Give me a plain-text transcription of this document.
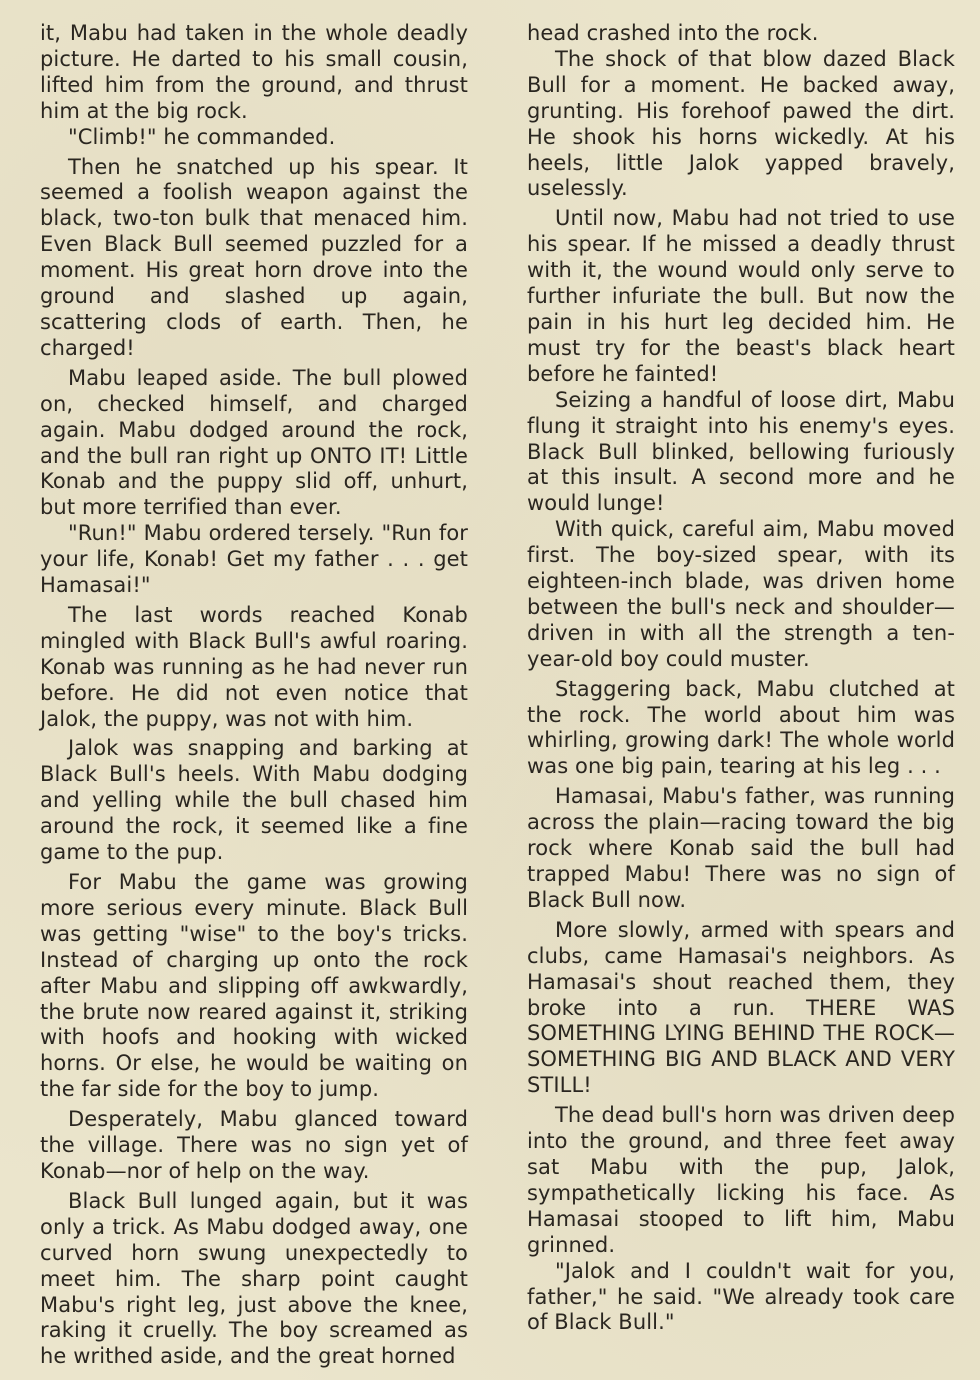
it, Mabu had taken in the whole deadly picture. He darted to his small cousin, lifted him from the ground, and thrust him at the big rock.

"Climb!" he commanded.

Then he snatched up his spear. It seemed a foolish weapon against the black, two-ton bulk that menaced him. Even Black Bull seemed puzzled for a moment. His great horn drove into the ground and slashed up again, scattering clods of earth. Then, he charged!

Mabu leaped aside. The bull plowed on, checked himself, and charged again. Mabu dodged around the rock, and the bull ran right up ONTO IT! Little Konab and the puppy slid off, unhurt, but more terrified than ever.

"Run!" Mabu ordered tersely. "Run for your life, Konab! Get my father . . . get Hamasai!"

The last words reached Konab mingled with Black Bull's awful roaring. Konab was running as he had never run before. He did not even notice that Jalok, the puppy, was not with him.

Jalok was snapping and barking at Black Bull's heels. With Mabu dodging and yelling while the bull chased him around the rock, it seemed like a fine game to the pup.

For Mabu the game was growing more serious every minute. Black Bull was getting "wise" to the boy's tricks. Instead of charging up onto the rock after Mabu and slipping off awkwardly, the brute now reared against it, striking with hoofs and hooking with wicked horns. Or else, he would be waiting on the far side for the boy to jump.

Desperately, Mabu glanced toward the village. There was no sign yet of Konab—nor of help on the way.

Black Bull lunged again, but it was only a trick. As Mabu dodged away, one curved horn swung unexpectedly to meet him. The sharp point caught Mabu's right leg, just above the knee, raking it cruelly. The boy screamed as he writhed aside, and the great horned

head crashed into the rock.

The shock of that blow dazed Black Bull for a moment. He backed away, grunting. His forehoof pawed the dirt. He shook his horns wickedly. At his heels, little Jalok yapped bravely, uselessly.

Until now, Mabu had not tried to use his spear. If he missed a deadly thrust with it, the wound would only serve to further infuriate the bull. But now the pain in his hurt leg decided him. He must try for the beast's black heart before he fainted!

Seizing a handful of loose dirt, Mabu flung it straight into his enemy's eyes. Black Bull blinked, bellowing furiously at this insult. A second more and he would lunge!

With quick, careful aim, Mabu moved first. The boy-sized spear, with its eighteen-inch blade, was driven home between the bull's neck and shoulder—driven in with all the strength a ten-year-old boy could muster.

Staggering back, Mabu clutched at the rock. The world about him was whirling, growing dark! The whole world was one big pain, tearing at his leg . . .

Hamasai, Mabu's father, was running across the plain—racing toward the big rock where Konab said the bull had trapped Mabu! There was no sign of Black Bull now.

More slowly, armed with spears and clubs, came Hamasai's neighbors. As Hamasai's shout reached them, they broke into a run. THERE WAS SOMETHING LYING BEHIND THE ROCK—SOMETHING BIG AND BLACK AND VERY STILL!

The dead bull's horn was driven deep into the ground, and three feet away sat Mabu with the pup, Jalok, sympathetically licking his face. As Hamasai stooped to lift him, Mabu grinned.

"Jalok and I couldn't wait for you, father," he said. "We already took care of Black Bull."
